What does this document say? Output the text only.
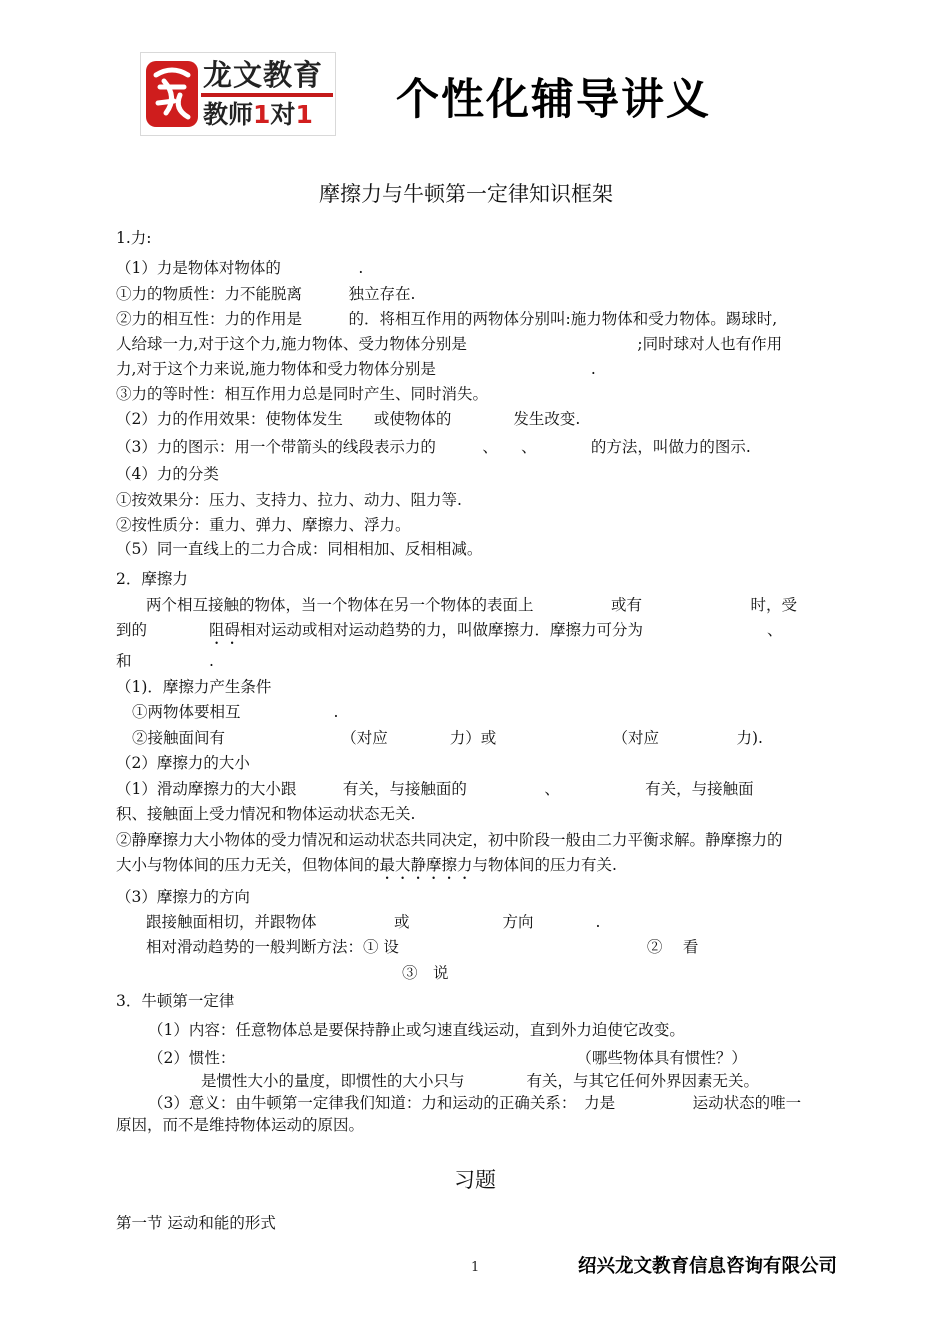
龙文教育
教师1对1 个性化辅导讲义
摩擦力与牛顿第一定律知识框架
1.力:
（1）力是物体对物体的　　　　　.
①力的物质性：力不能脱离　　　独立存在.
②力的相互性：力的作用是　　　的．将相互作用的两物体分别叫:施力物体和受力物体。踢球时,
人给球一力,对于这个力,施力物体、受力物体分别是　　　　　　　　　　　;同时球对人也有作用
力,对于这个力来说,施力物体和受力物体分别是　　　　　　　　　　.
③力的等时性：相互作用力总是同时产生、同时消失。
（2）力的作用效果：使物体发生　　或使物体的　　　　发生改变.
（3）力的图示：用一个带箭头的线段表示力的　　　、　　、　　　　的方法，叫做力的图示.
（4）力的分类
①按效果分：压力、支持力、拉力、动力、阻力等.
②按性质分：重力、弹力、摩擦力、浮力。
（5）同一直线上的二力合成：同相相加、反相相减。
2．摩擦力
两个相互接触的物体，当一个物体在另一个物体的表面上　　　　　或有　　　　　　　时，受
到的　　　　阻碍相对运动或相对运动趋势的力，叫做摩擦力．摩擦力可分为　　　　　　　　、
和　　　　　.
（1)．摩擦力产生条件
①两物体要相互　　　　　　.
②接触面间有　　　　　　　　（对应　　　　力）或　　　　　　　　（对应　　　　　力).
（2）摩擦力的大小
（1）滑动摩擦力的大小跟　　　有关，与接触面的　　　　　、　　　　　　有关，与接触面
积、接触面上受力情况和物体运动状态无关.
②静摩擦力大小物体的受力情况和运动状态共同决定，初中阶段一般由二力平衡求解。静摩擦力的
大小与物体间的压力无关，但物体间的最大静摩擦力与物体间的压力有关.
（3）摩擦力的方向
跟接触面相切，并跟物体　　　　　或　　　　　　方向　　　　.
相对滑动趋势的一般判断方法：① 设　　　　　　　　　　　　　　　　② 　看
③　说
3．牛顿第一定律
（1）内容：任意物体总是要保持静止或匀速直线运动，直到外力迫使它改变。
（2）惯性：　　　　　　　　　　　　　　　　　　　　　　　（哪些物体具有惯性？）
是惯性大小的量度，即惯性的大小只与　　　　有关，与其它任何外界因素无关。
（3）意义：由牛顿第一定律我们知道：力和运动的正确关系：　力是　　　　　运动状态的唯一
原因，而不是维持物体运动的原因。
习题
第一节 运动和能的形式
1	绍兴龙文教育信息咨询有限公司
